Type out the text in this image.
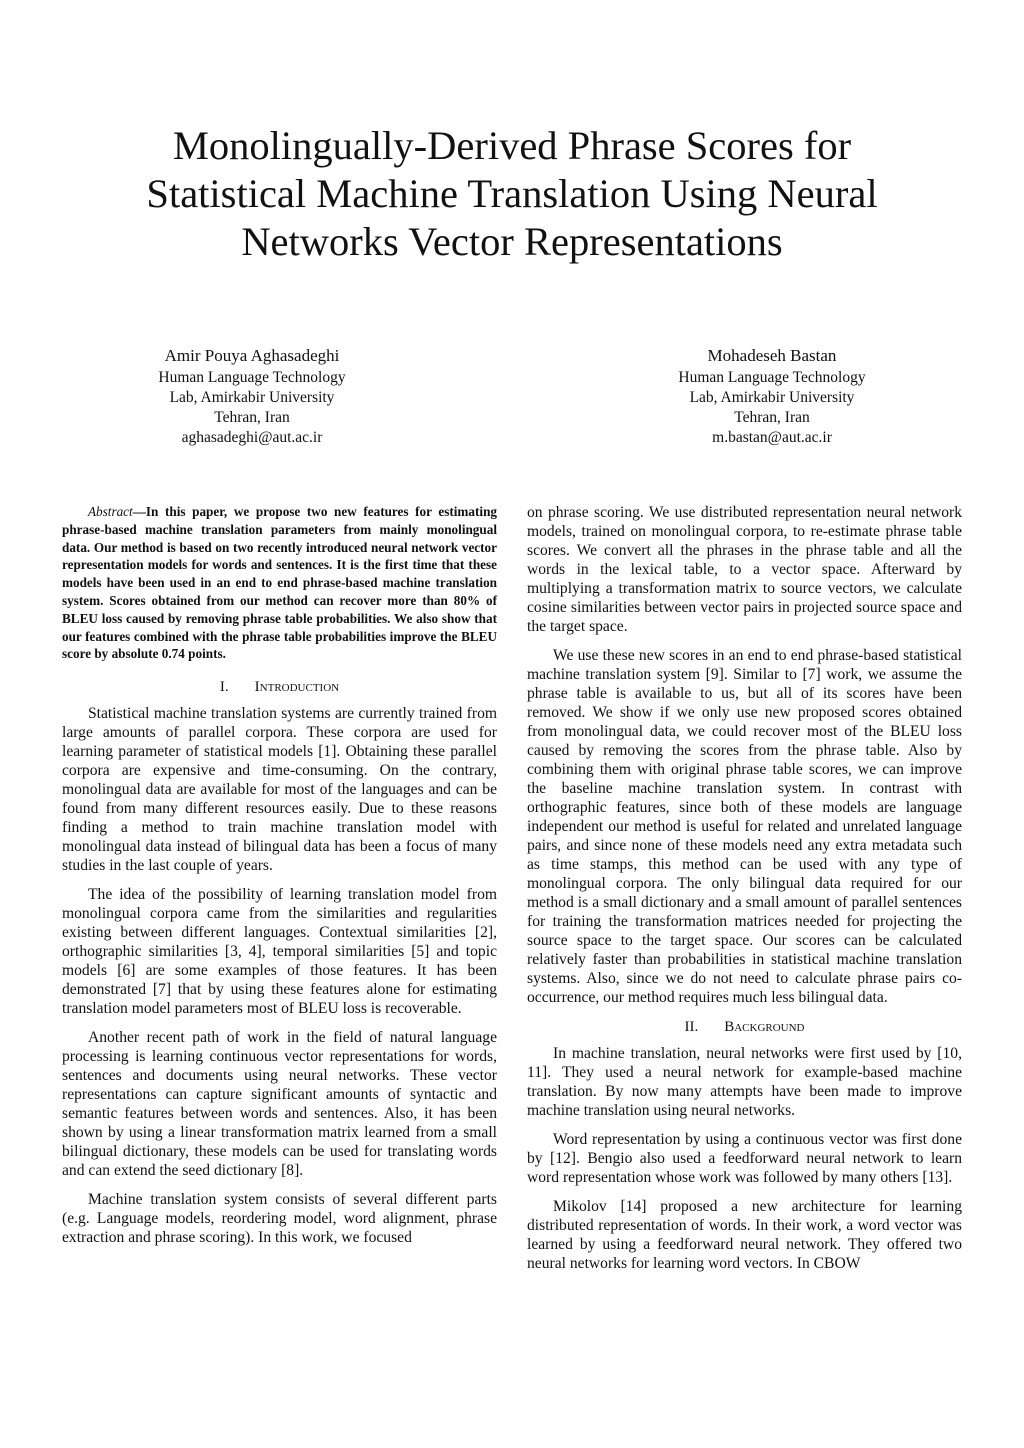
Monolingually-Derived Phrase Scores for Statistical Machine Translation Using Neural Networks Vector Representations
Amir Pouya Aghasadeghi
Human Language Technology
Lab, Amirkabir University
Tehran, Iran
aghasadeghi@aut.ac.ir
Mohadeseh Bastan
Human Language Technology
Lab, Amirkabir University
Tehran, Iran
m.bastan@aut.ac.ir

Abstract—In this paper, we propose two new features for estimating phrase-based machine translation parameters from mainly monolingual data. Our method is based on two recently introduced neural network vector representation models for words and sentences. It is the first time that these models have been used in an end to end phrase-based machine translation system. Scores obtained from our method can recover more than 80% of BLEU loss caused by removing phrase table probabilities. We also show that our features combined with the phrase table probabilities improve the BLEU score by absolute 0.74 points.

I. Introduction

Statistical machine translation systems are currently trained from large amounts of parallel corpora. These corpora are used for learning parameter of statistical models [1]. Obtaining these parallel corpora are expensive and time-consuming. On the contrary, monolingual data are available for most of the languages and can be found from many different resources easily. Due to these reasons finding a method to train machine translation model with monolingual data instead of bilingual data has been a focus of many studies in the last couple of years.

The idea of the possibility of learning translation model from monolingual corpora came from the similarities and regularities existing between different languages. Contextual similarities [2], orthographic similarities [3, 4], temporal similarities [5] and topic models [6] are some examples of those features. It has been demonstrated [7] that by using these features alone for estimating translation model parameters most of BLEU loss is recoverable.

Another recent path of work in the field of natural language processing is learning continuous vector representations for words, sentences and documents using neural networks. These vector representations can capture significant amounts of syntactic and semantic features between words and sentences. Also, it has been shown by using a linear transformation matrix learned from a small bilingual dictionary, these models can be used for translating words and can extend the seed dictionary [8].

Machine translation system consists of several different parts (e.g. Language models, reordering model, word alignment, phrase extraction and phrase scoring). In this work, we focused

on phrase scoring. We use distributed representation neural network models, trained on monolingual corpora, to re-estimate phrase table scores. We convert all the phrases in the phrase table and all the words in the lexical table, to a vector space. Afterward by multiplying a transformation matrix to source vectors, we calculate cosine similarities between vector pairs in projected source space and the target space.

We use these new scores in an end to end phrase-based statistical machine translation system [9]. Similar to [7] work, we assume the phrase table is available to us, but all of its scores have been removed. We show if we only use new proposed scores obtained from monolingual data, we could recover most of the BLEU loss caused by removing the scores from the phrase table. Also by combining them with original phrase table scores, we can improve the baseline machine translation system. In contrast with orthographic features, since both of these models are language independent our method is useful for related and unrelated language pairs, and since none of these models need any extra metadata such as time stamps, this method can be used with any type of monolingual corpora. The only bilingual data required for our method is a small dictionary and a small amount of parallel sentences for training the transformation matrices needed for projecting the source space to the target space. Our scores can be calculated relatively faster than probabilities in statistical machine translation systems. Also, since we do not need to calculate phrase pairs co-occurrence, our method requires much less bilingual data.

II. Background

In machine translation, neural networks were first used by [10, 11]. They used a neural network for example-based machine translation. By now many attempts have been made to improve machine translation using neural networks.

Word representation by using a continuous vector was first done by [12]. Bengio also used a feedforward neural network to learn word representation whose work was followed by many others [13].

Mikolov [14] proposed a new architecture for learning distributed representation of words. In their work, a word vector was learned by using a feedforward neural network. They offered two neural networks for learning word vectors. In CBOW
